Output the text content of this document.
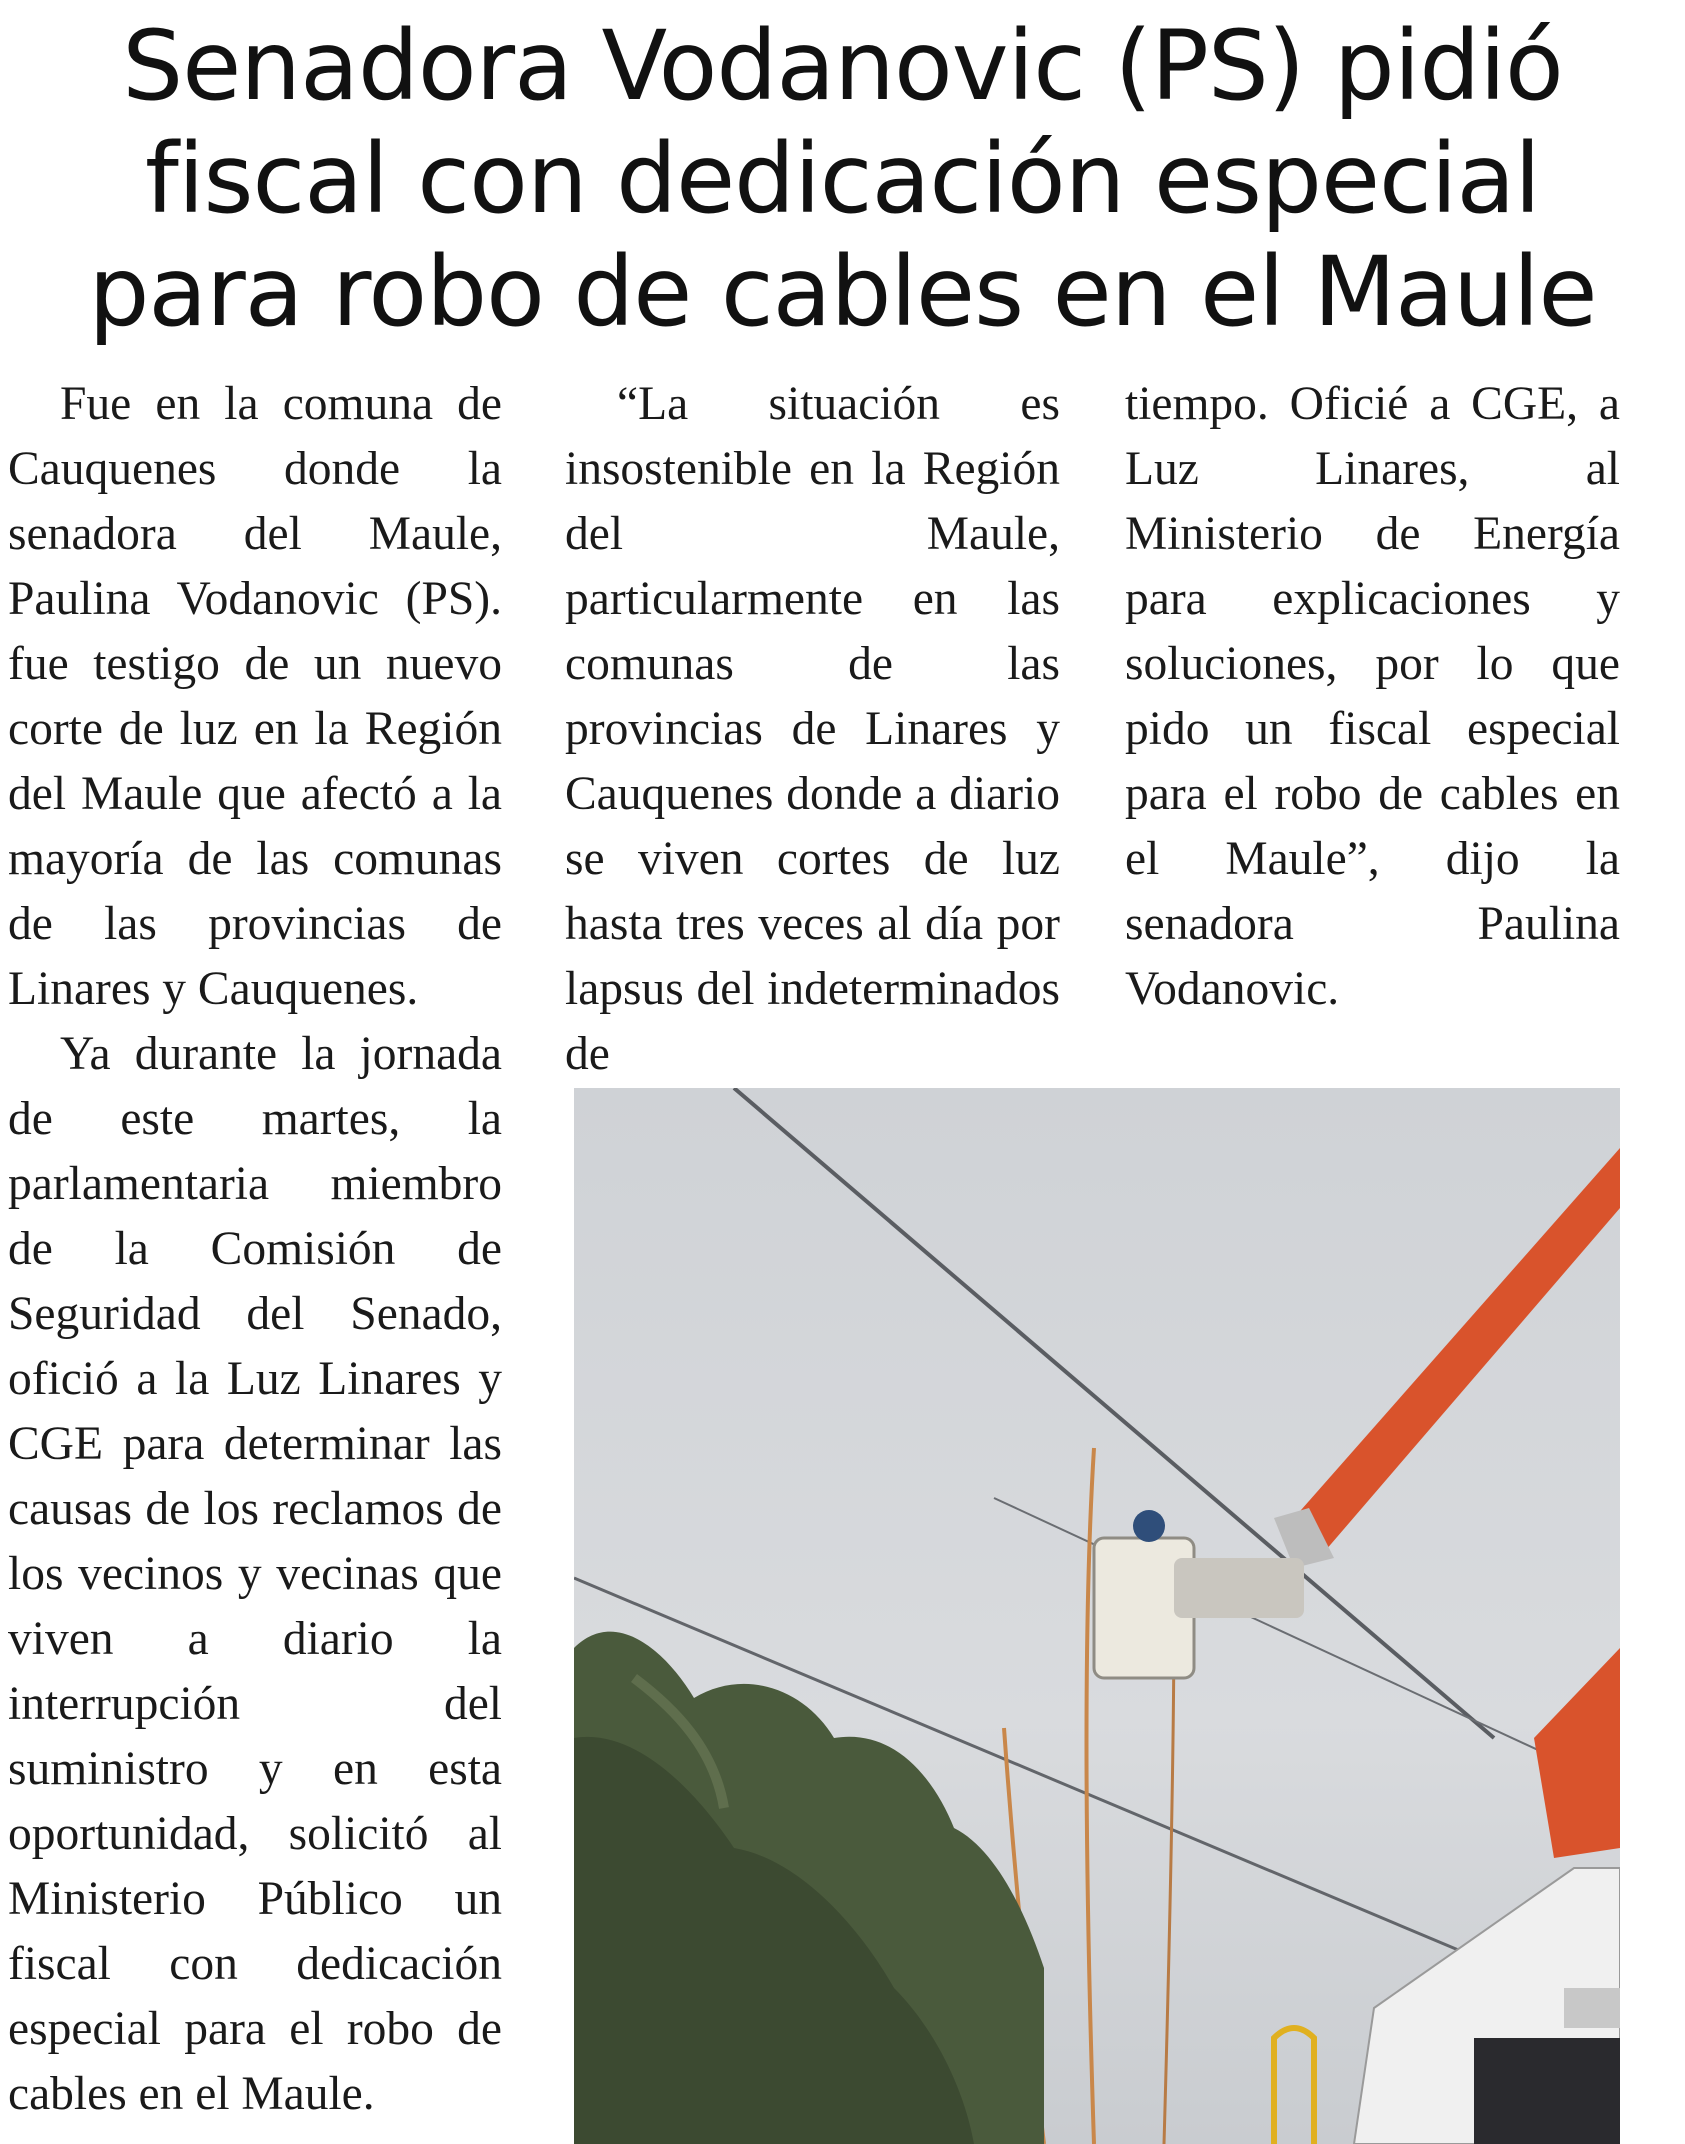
Senadora Vodanovic (PS) pidió
fiscal con dedicación especial
para robo de cables en el Maule

Fue en la comuna de Cauquenes donde la senadora del Maule, Paulina Vodanovic (PS). fue testigo de un nuevo corte de luz en la Región del Maule que afectó a la mayoría de las comunas de las provincias de Linares y Cauquenes.

Ya durante la jornada de este martes, la parlamentaria miembro de la Comisión de Seguridad del Senado, ofició a la Luz Linares y CGE para determinar las causas de los reclamos de los vecinos y vecinas que viven a diario la interrupción del suministro y en esta oportunidad, solicitó al Ministerio Público un fiscal con dedicación especial para el robo de cables en el Maule.

“La situación es insostenible en la Región del Maule, particularmente en las comunas de las provincias de Linares y Cauquenes donde a diario se viven cortes de luz hasta tres veces al día por lapsus del indeterminados de

tiempo. Oficié a CGE, a Luz Linares, al Ministerio de Energía para explicaciones y soluciones, por lo que pido un fiscal especial para el robo de cables en el Maule”, dijo la senadora Paulina Vodanovic.
